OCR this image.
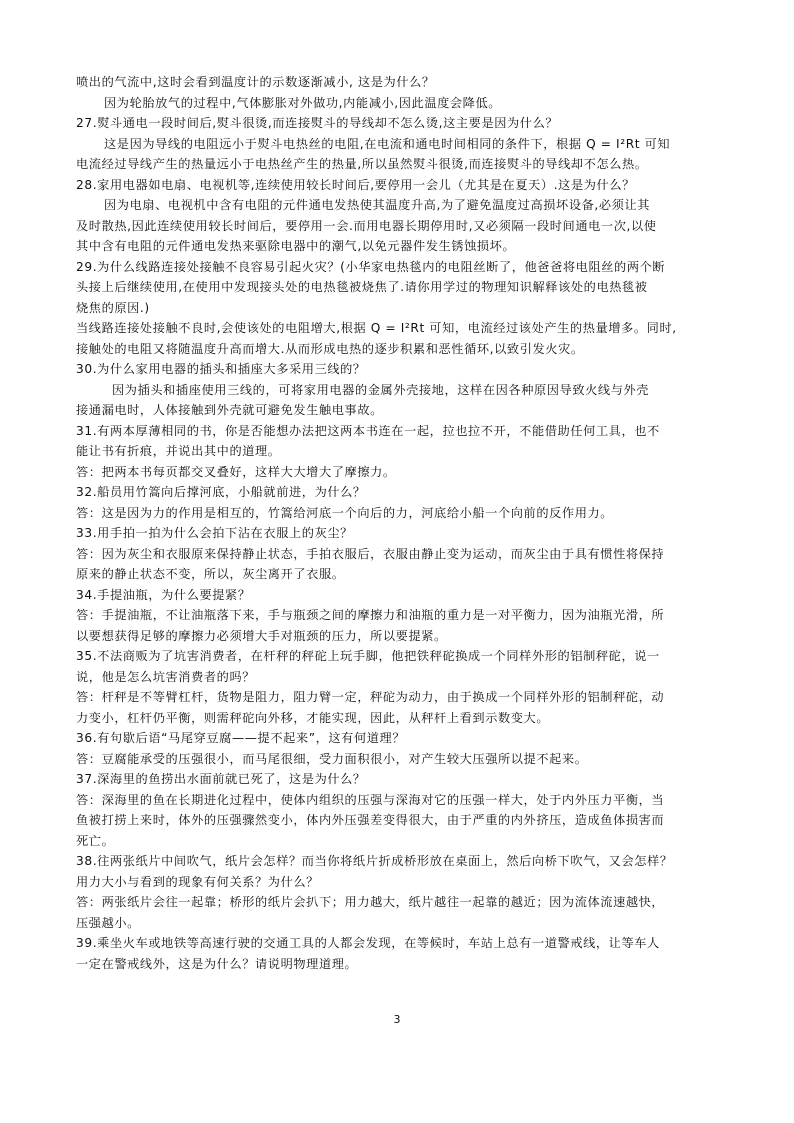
喷出的气流中,这时会看到温度计的示数逐渐减小, 这是为什么？
因为轮胎放气的过程中,气体膨胀对外做功,内能减小,因此温度会降低。
27.熨斗通电一段时间后,熨斗很烫,而连接熨斗的导线却不怎么烫,这主要是因为什么？
这是因为导线的电阻远小于熨斗电热丝的电阻,在电流和通电时间相同的条件下，根据 Q = I²Rt 可知
电流经过导线产生的热量远小于电热丝产生的热量,所以虽然熨斗很烫,而连接熨斗的导线却不怎么热。
28.家用电器如电扇、电视机等,连续使用较长时间后,要停用一会儿（尤其是在夏天）.这是为什么？
因为电扇、电视机中含有电阻的元件通电发热使其温度升高,为了避免温度过高损坏设备,必须让其
及时散热,因此连续使用较长时间后，要停用一会.而用电器长期停用时,又必须隔一段时间通电一次,以使
其中含有电阻的元件通电发热来驱除电器中的潮气,以免元器件发生锈蚀损坏。
29.为什么线路连接处接触不良容易引起火灾？(小华家电热毯内的电阻丝断了，他爸爸将电阻丝的两个断
头接上后继续使用,在使用中发现接头处的电热毯被烧焦了.请你用学过的物理知识解释该处的电热毯被
烧焦的原因.)
当线路连接处接触不良时,会使该处的电阻增大,根据 Q = I²Rt 可知，电流经过该处产生的热量增多。同时,
接触处的电阻又将随温度升高而增大.从而形成电热的逐步积累和恶性循环,以致引发火灾。
30.为什么家用电器的插头和插座大多采用三线的？
因为插头和插座使用三线的，可将家用电器的金属外壳接地，这样在因各种原因导致火线与外壳
接通漏电时，人体接触到外壳就可避免发生触电事故。
31.有两本厚薄相同的书，你是否能想办法把这两本书连在一起，拉也拉不开，不能借助任何工具，也不
能让书有折痕，并说出其中的道理。
答：把两本书每页都交叉叠好，这样大大增大了摩擦力。
32.船员用竹篙向后撑河底，小船就前进，为什么？
答：这是因为力的作用是相互的，竹篙给河底一个向后的力，河底给小船一个向前的反作用力。
33.用手拍一拍为什么会拍下沾在衣服上的灰尘？
答：因为灰尘和衣服原来保持静止状态，手拍衣服后，衣服由静止变为运动，而灰尘由于具有惯性将保持
原来的静止状态不变，所以，灰尘离开了衣服。
34.手提油瓶，为什么要提紧？
答：手提油瓶，不让油瓶落下来，手与瓶颈之间的摩擦力和油瓶的重力是一对平衡力，因为油瓶光滑，所
以要想获得足够的摩擦力必须增大手对瓶颈的压力，所以要提紧。
35.不法商贩为了坑害消费者，在杆秤的秤砣上玩手脚，他把铁秤砣换成一个同样外形的铝制秤砣，说一
说，他是怎么坑害消费者的吗？
答：杆秤是不等臂杠杆，货物是阻力，阻力臂一定，秤砣为动力，由于换成一个同样外形的铝制秤砣，动
力变小，杠杆仍平衡，则需秤砣向外移，才能实现，因此，从秤杆上看到示数变大。
36.有句歇后语“马尾穿豆腐——提不起来”，这有何道理？
答：豆腐能承受的压强很小，而马尾很细，受力面积很小，对产生较大压强所以提不起来。
37.深海里的鱼捞出水面前就已死了，这是为什么？
答：深海里的鱼在长期进化过程中，使体内组织的压强与深海对它的压强一样大，处于内外压力平衡，当
鱼被打捞上来时，体外的压强骤然变小，体内外压强差变得很大，由于严重的内外挤压，造成鱼体损害而
死亡。
38.往两张纸片中间吹气，纸片会怎样？而当你将纸片折成桥形放在桌面上，然后向桥下吹气，又会怎样？
用力大小与看到的现象有何关系？为什么？
答：两张纸片会往一起靠；桥形的纸片会扒下；用力越大，纸片越往一起靠的越近；因为流体流速越快，
压强越小。
39.乘坐火车或地铁等高速行驶的交通工具的人都会发现，在等候时，车站上总有一道警戒线，让等车人
一定在警戒线外，这是为什么？请说明物理道理。
3
